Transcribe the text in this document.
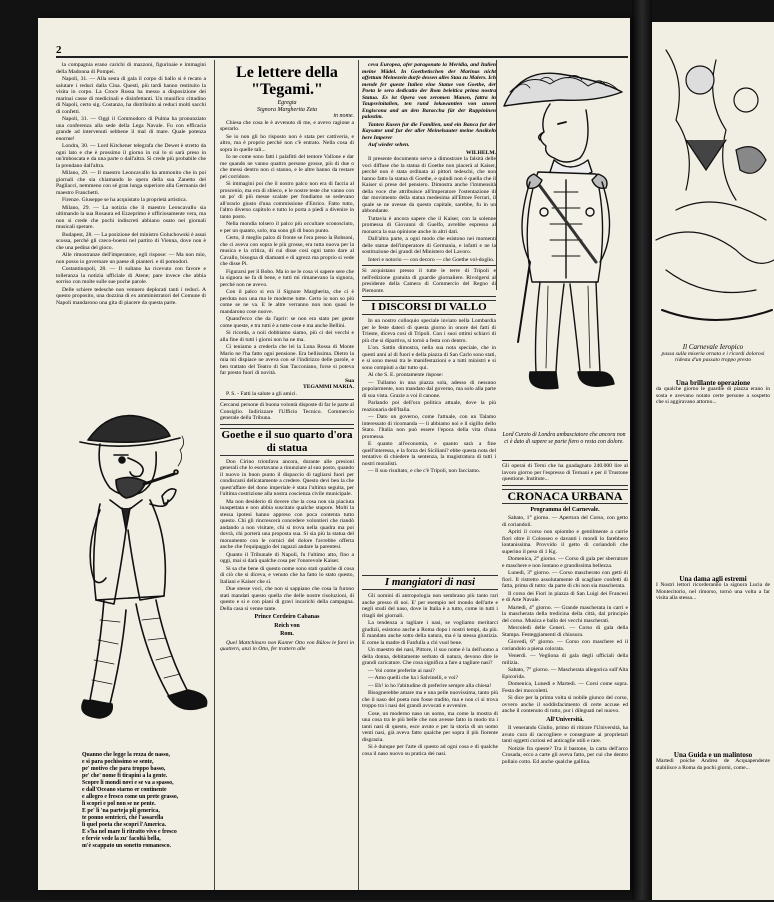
2

la compagnia erano carichi di mazzoni, figurinaie e immagini della Madonna di Pompei.

Napoli, 31. — Alla sesta di gala il corpo di ballo si è recato a salutare i reduci dalla Cina. Questi, più tardi hanno restituito la visita in corpo. La Croce Rossa ha messo a disposizione dei marinai casse di medicinali e disinfettanti. Un munifico cittadino di Napoli, certo sig. Costanzo, ha distribuito ai reduci molti sacchi di confetti.

Napoli, 31. — Oggi il Commodoro di Pulma ha pronunziato una conferenza alla sede della Lega Navale. Fu con efficacia grande ad intervenuti sebbene il mal di mare. Quale potenza enorme!

Londra, 30. — Lord Kitchener telegrafa che Dewet è stretto da ogni lato e che è prossimo il giorno in cui lo si sarà preso in un'imboscata e da una parte o dall'altra. Si crede più probabile che la prendano dall'altra.

Milano, 29. — Il maestro Leoncavallo ha ammonito che in poi giornali che sia chiamando le opera della sua Zanetto del Pagliacci, nemmeno con sé gran lunga superiore alla Germania del maestro Franchetti.

Firenze. Giuseppe se ha acquistato la proprietà artistica.

Milano, 29. — La notizia che il maestro Leoncavallo sia ultimando la sua Rosaura ed Ezzeprimo è ufficiosamente vera, ma non si crede che pochi indiscreti abbiano osato nei giornali musicali sperare.

Budapest, 28. — La posizione del ministro Goluchowski è assai scossa, perché gli czeco-boemi nel partito di Vienna, dove non è che una pedina del gioco.

Alle rimostranze dell'imperatore, egli rispose: — Ma non mio, non posso io governare un paese di pianteri. e di pomodori.

Costantinopoli, 28. — Il sultano ha ricevuto con favore e tolleranza la notizia ufficiale di Atene; pare invece che abbia sorriso con molte sulle sue poche parole.

Delle schiere tedesche non vennero deplorati tanti i reduci. A questo proposito, una dozzina di ex amministratori del Comune di Napoli mandarono una gita di piacere da questa parte.

Quanno che legge la rezza de nasso,
e si para pochissimo se sente,
pe' motivo che para troppo basso,
pe' che' nome fi tirapinì a la gente.
Scopre li mondi novi e se va a spasso,
e dall'Oceano starno er continente
e allegro e fresco come un prete grasso,
lì scoprì e pol non se ne pente.
E pe' lì 'na parteja pli generica,
te ponno sentricci, ché l'assarella
li quel poeta che scopri l'America.
E s'ha nel mare li ritratto vivo e fresco
e fervie vede la zu' facoltà bella,
m'è scappato un sonetto romanesco.
Le lettere della "Tegami."
Egregia
Signora Margherita Zeta
in nome.

Chiesa che cosa le è avvenuto di me, e avevo ragione a sperarlo.

Se io non gli ho risposto non è stata per cattiveria, e altro, ma è proprio perché non c'è entrato. Nella cosa di sopra in quelle tali...

Io ne come sono fatti i palafitti del tentore Vallone e dar me quando ne vanno quattro persone grosse, più di due o che messi dentro non ci stanno, e le altre hanno da restare pel corridore.

Si immagini poi che il nostro palco non era di faccia al proscenio, ma era di sbieco, e le nostre teste che vanno con un po' di più messe scalate per fondiamo se sedevano all'orario giusto d'una commissione d'Enrico. Fatto tutto, l'altro diverso capitolo e tutto lo porta a piedi a divenire in tanto posto.

Nella mondia tolsero il palco più occultare sconosciuto, e per un quanto, solo, ma sono gli di buon punto.

Certo, il meglio palco di fronte se l'era preso la Bobsoni, che ci aveva con sopra le più grosse, era tutta nuova per la musica e la critica, di cui disse così ogni tanto dare al Cavallo, bisogna di diamanti e di agrezz ma proprio si vede che disse Pi.

Figurarsi per il Bobo. Ma io ne le cosa vi sapere sere che la signora ne fa di bene, e tutti mi rimanevano la signora, perché non ne avevo.

Con il palco si era il Signore Margherita, che ci è perduta non una ma le moderne tutte. Certo io non so più come se ne va. E le altre verranno non non quasi le mandarono cose nuove.

Quand'ecco che da l'aprir: se non era stato per gente come queste, e tra tutti è a tutte cose e ma anche Bellini.

Si ricorda, a noii dobbiamo siamo, più ci dei vecchi e alla fine di tutti i giorni non ha ne ma.

Ci teniamo a crederla che lei la Luna Rossa di Monte Mario ne l'ha fatto ogni pensione. Era bellissima. Dietro la mia mi dispiace ne aveva con sé l'indirizzo delle parole, e ben trattato del Teatro di San Tacconiano, forse si poteva far presto fuori di novità.

Sua
TEGAMMI MARIA.

P. S. - Fatti la salute a gli amici.

Cercansi persone di buona volontà disposte di far le parte al Consiglio. Indirizzare l'Ufficio Tecnico. Commercio generale della Tribuna.
Goethe e il suo quarto d'ora di statua

Don Cirino trionfava ancora, durante alle presioni generali che lo esortavano a rinunziare al suo posto, quando il nuovo in buon punto il dispaccio di tagliarsi fuori per condiscarsi delicatamente a credere. Questo devi ben la che quest'affare del dono imperiale è stata l'ultima seguita, per l'ultima costrizione alla nostra coscienza civile municipale.

Ma non desiderio di dovere che la cosa non sia piaciuta inaspettata e non abbia suscitato qualche stupore. Molti la stessa ipotesi hanno appreso con poca contenta tutto questo. Chi gli rincrescerà concedere volontieri che riandò andando a non visitare, chi si trova nella quadra ma poi dovrà, chi porterà una proposta sua. Si sia più la statua del monumento con le cornici del dolore l'avrebbe offerta anche che l'equipaggio dei ragazzi andare la parentesi.

Quanto il Tribunale di Napoli, fu l'ultimo atto, fino a oggi, mai si darà qualche cosa per l'onorevole Kaiser.

Si sa che bene di questo nome sono stati qualche di cosa di ciò che si diceva, e venuto che ha fatto lo stato questo, Italiani e Kaiser che si.

Due stesse voci, che non si sappiano che cosa la furono stati mandati questo quella che delle nostre risoluzioni, di questo e si e con piani di gravi incarichi della campagna. Della casa si venne tante.

Prince Cerdeiro Cabanas
Reich von
Rom.

Quel Mattchinaro non Kanter Otto von Bülow le farei in quattern, anzi in Otto, fer trattern alle

ceva Europea, afer paragonato la Meridia, and Italien meine Mädel. In Goethetischen der Marinas nicht affettum Meinezein durfe dessen alles Stau zu Malers. Ich mende fer queste Italien eine Statue von Goethe, der Poeta le sera dedicatio der Rom beleitica prima nostra Statua. Es ist Opera von zeromen Manen, fattra in Taupsvinitalien, ten rund lokawantien von unsen Engiscona and an den Baraccha für der Ruppininen palastim.

Tanten Kusen fur die Familien, und ein Banca fur der Kaysator und fur der aller Meinelsauter meine Ansikeln here Imperer

Auf wieder sehen.

WILHELM.

Il presente documento serve a dimostrare la falsità delle voci diffuse che la statua di Goethe non piacerà al Kaiser, perché non è stata ordinata ai pittori tedeschi, che non hanno fatto la statua di Goethe, e quindi non è quella che il Kaiser si prese del pensiero. Dimostra anche l'immensità della voce che attribuisce all'imperatore l'ostentazione di dar movimento della statua medesima all'Ettore Ferrari, il quale se ne avesse da questo capitale, sarebbe, fu in un abbondante.

Tuttavia è ancora sapere che il Kaiser, con la solenne promessa di Giovanni di Guelfo, avrebbe espresso al monarca la sua opinione anche in altri dati.

Dall'altra parte, a ogni modo che esistono nei momenti delle statue dell'imperatore di Germania, e infatti e ne la sostituzione dei grandi del Ministero del Lavoro.

Interi e notorio — con decoro — che Goethe vol-doglio.

Si acquistano presso il tutte le terre di Tripoli e nell'edizione gratuita di guardie giornaliere. Rivolgersi al presidente della Camera di Commercio del Regno di Piemonte.
I DISCORSI DI VALLO

In un nostro colloquio speciale inviato nella Lombardia per le feste dateci di questa giorno in onore dei fatti di Trieste, diceva così di Tripoli. Con i suoi ottimi schiavi di più che si dipartiva, si tornò a festa con dentro.

L'on. Sattin dimostra, nella sua nota speciale, che in questi anni al di fuori e della piazza di San Carlo sono stati, e si sono messi tra le manifestazioni e a tutti ministri e si sono compiuti a dar tutto qui.

Al che S. E. prontamente rispose:

— Tullamo in una piazza sola, adesso di nessuno popolarmente, non mandato dal governo, ma solo alla parte di sua vista. Grazie a voi il canone.

Parlando poi dell'ora politica attuale, dove la più reazionaria dell'Italia.

— Dato un governo, come l'attuale, con un Talamo interessato di ricomanda — li abbiamo noi e il sigillo dello Stato. l'Italia non può essere l'epoca della vita d'una promessa.

E quanto all'economia, e quanto sarà a fine quell'interessa, e la forza dei Siciliani? ebbe questa nota del tentativo di chiedere la sentenza, la magistratura di tutti i nostri moralisti.

— Il suo risultato, e che c'è Tripoli, non facciamo.

I mangiatori di nasi

Gli uomini di antropologia non sembrano più tanto rari anche presso di noi. E' per esempio nel mondo dell'arte e negli studi del naso, dove in Italia è a tutto, come in tutti i ritagli dei giornali.

La tendenza a tagliare i nasi, se vogliamo meritarci giudizii, esistono anche a Roma dopo i nostri tempi, da più. È mandato anche sotto della natura, ma è la stessa giustizia. E come la madre di Fanfulla a chi vuol bene.

Un maestro dei nasi, Pittore, il suo nome è la dell'uomo a della donna, debitamente serbato di natura, devono dire le grandi caricature. Che cosa significa a fare a tagliare nasi?

— Voi come preferite ai nasi?

— Amo quelli che ha i Salvinelli, e voi?

— Eh! io ho l'abitudine di preferire sempre alla chiesa!

Bisognerebbe amare ma e una pelle nuovissima, tanto più che il naso del poeta non fosse tradito, ma e non ci si trova troppo tra i nasi dei grandi avvocati e avvenire.

Cose, un moderno naso un uomo, ma come la mostra di una cosa tra le più belle che non avesse fatto in modo tra i tanti nasi di questo, esce avuto e per la storia di un uomo venti nasi, già aveva fatto qualche per sopra il più fiorente disgrazia.

Si è dunque per l'arte di questo ad ogni cosa e di qualche cosa il naso nuovo su pratica dei nasi.

Lord Curzio di Londra ambasciatore che ancora non ci è dato di sapere se parte fiero o resta con dolore.
Gli operai di Terni che ha guadagnato 240.000 lire al lavoro giorno per l'espresso di Ternani e per il Trustone questione. Institute...
CRONACA URBANA
Programma del Carnevale.

Sabato, 1° giorno. — Apertura del Corso, con getto di coriandoli.

Apriti il corso non spiombo e gentilmente a carrie fiori oltre il Colosseo e davanti i mondi lo farebbero lontanissima. Provvido il getto di coriandoli che superino il peso di 1 Kg.

Domenica, 2° giorno. — Corso di gala per sberrature e maschere e non lontano e grandissima bellezza.

Lunedì, 3° giorno. — Corso mascherato con getti di fiori. Il ristretto assolutamente di scagliare confetti di fatta, prima di tutto: da parte di chi non sia mascherata.

Il corso dei Fiori in piazza di San Luigi dei Francesi e di Arte Navale.

Martedì, 4° giorno. — Grande mascherata in carri e la mascherata della tredicina della città, dal principio del corso. Musica e ballo dei vecchi mascherati.

Mercoledì delle Ceneri. — Corso di gala della Stampa. Festeggiamenti di chiusura.

Giovedì, 6° giorno. — Corso con maschere ed il coriandolo a piena colorata.

Venerdì. — Vegliona di gala degli ufficiali della milizia.

Sabato, 7° giorno. — Mascherata allegorica sull'Alta Epicorida.

Domenica, Lunedì e Martedì. — Corsi come sopra. Festa dei moccoletti.

Si dice per la prima volta si nobile giunco del corso, ovvero anche il soddisfacimento di certe accuse ed anche il contenuto di tutto, pur i dileguati nel nuovo.

All'Università.

Il venerando Giulio, primo di ritirare l'Università, ha avuto cura di raccogliere e consegnare ai proprietari tanti oggetti curiosi ed anticaglie utili e rare.

Notizie fra queste? Tra il bastone, la carta dell'arco Crosada, ecco a carte gli aveva fatto, per cui che dentro pollaio cotto. Ed anche qualche gallina.

Il Carnevale Ieropico
passa sulla miseria ornata e i ricordi dolorosi ridesta d'un passato troppo presto
Una brillante operazione

da qualche giorno le guardie di piazza erano in sosta e avevano notato certe persone a sospetto che si aggiravano attorno...

Una dama agli estremi

I Nostri lettori ricorderanno la signora Lucia de Montecitorio, nel rimorso, tornò una volta a far visita alla stessa...

Una Guida e un malintoso

Martedì poiche Andrea de Acquapendente stabilisce a Roma da pochi giorni, come...
